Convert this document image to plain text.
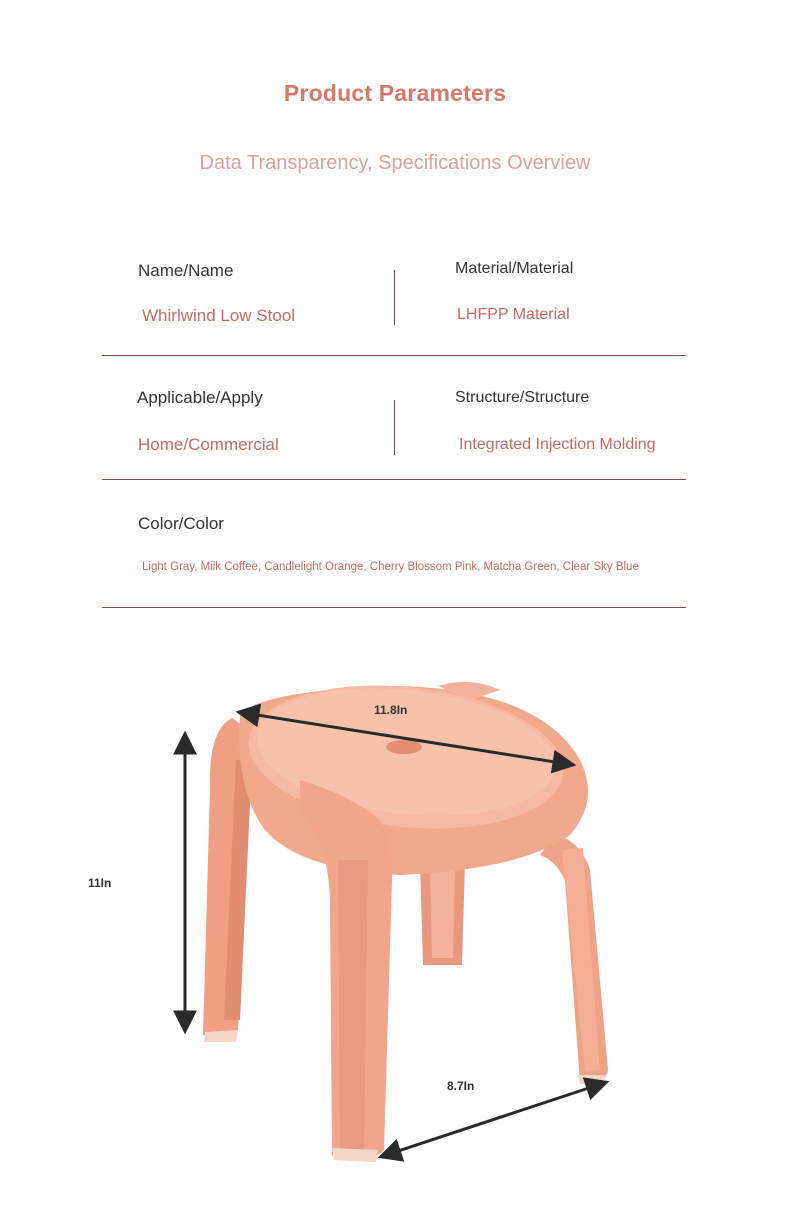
Product Parameters
Data Transparency, Specifications Overview
Name/Name
Whirlwind Low Stool
Material/Material
LHFPP Material
Applicable/Apply
Home/Commercial
Structure/Structure
Integrated Injection Molding
Color/Color
Light Gray, Milk Coffee, Candlelight Orange, Cherry Blossom Pink, Matcha Green, Clear Sky Blue
11.8In
11In
8.7In
